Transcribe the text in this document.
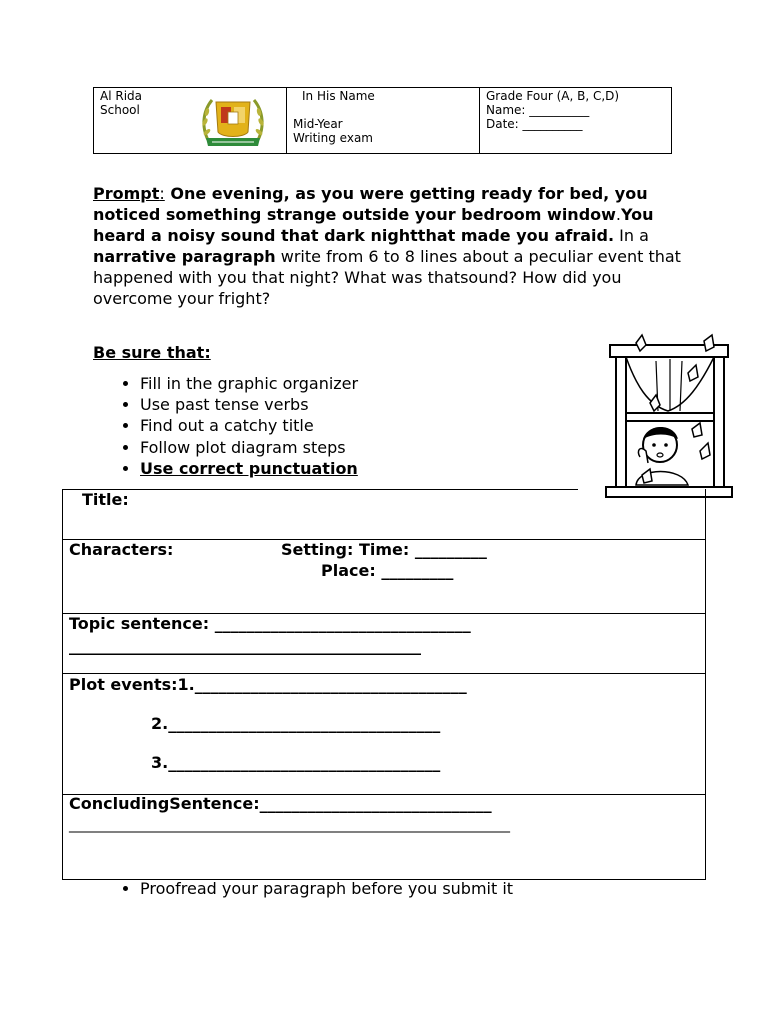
Al Rida
School
In His Name
Mid-Year
Writing exam
Grade Four (A, B, C,D)
Name: __________
Date: __________
Prompt: One evening, as you were getting ready for bed, you noticed something strange outside your bedroom window.You heard a noisy sound that dark nightthat made you afraid. In a narrative paragraph write from 6 to 8 lines about a peculiar event that happened with you that night? What was thatsound? How did you overcome your fright?
Be sure that:
• Fill in the graphic organizer
• Use past tense verbs
• Find out a catchy title
• Follow plot diagram steps
• Use correct punctuation
Title:
Characters:	Setting: Time: _________
Place: _________
Topic sentence: ________________________________
____________________________________________
Plot events:1.__________________________________
2.__________________________________
3.__________________________________
ConcludingSentence:_____________________________
_______________________________________________________________
• Proofread your paragraph before you submit it
